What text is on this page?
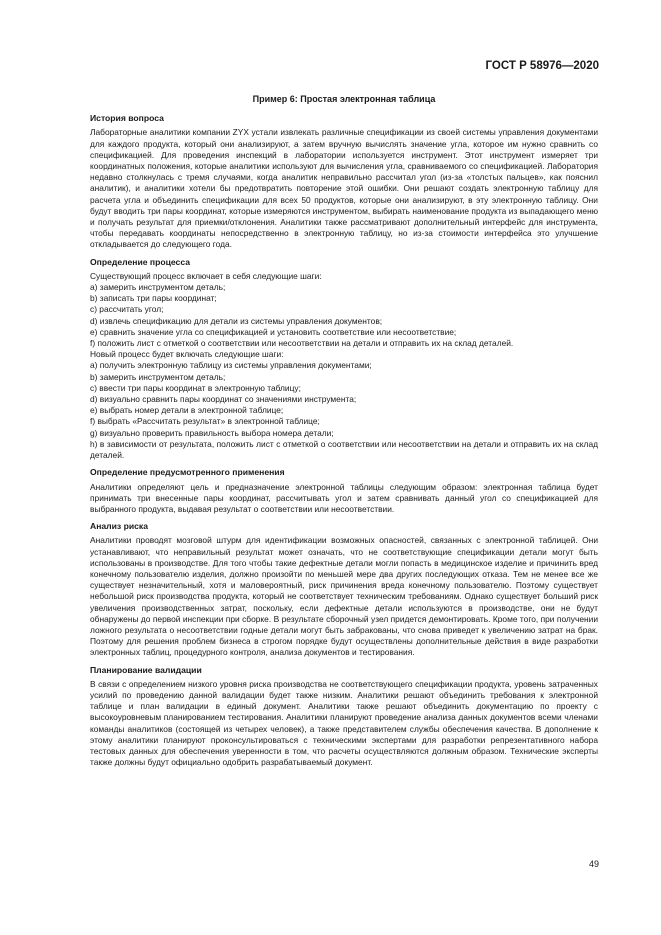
ГОСТ Р 58976—2020
Пример 6: Простая электронная таблица
История вопроса

Лабораторные аналитики компании ZYX устали извлекать различные спецификации из своей системы управления документами для каждого продукта, который они анализируют, а затем вручную вычислять значение угла, которое им нужно сравнить со спецификацией. Для проведения инспекций в лаборатории используется инструмент. Этот инструмент измеряет три координатных положения, которые аналитики используют для вычисления угла, сравниваемого со спецификацией. Лаборатория недавно столкнулась с тремя случаями, когда аналитик неправильно рассчитал угол (из-за «толстых пальцев», как пояснил аналитик), и аналитики хотели бы предотвратить повторение этой ошибки. Они решают создать электронную таблицу для расчета угла и объединить спецификации для всех 50 продуктов, которые они анализируют, в эту электронную таблицу. Они будут вводить три пары координат, которые измеряются инструментом, выбирать наименование продукта из выпадающего меню и получать результат для приемки/отклонения. Аналитики также рассматривают дополнительный интерфейс для инструмента, чтобы передавать координаты непосредственно в электронную таблицу, но из-за стоимости интерфейса это улучшение откладывается до следующего года.

Определение процесса

Существующий процесс включает в себя следующие шаги:

а) замерить инструментом деталь;

b) записать три пары координат;

с) рассчитать угол;

d) извлечь спецификацию для детали из системы управления документов;

e) сравнить значение угла со спецификацией и установить соответствие или несоответствие;

f) положить лист с отметкой о соответствии или несоответствии на детали и отправить их на склад деталей.

Новый процесс будет включать следующие шаги:

а) получить электронную таблицу из системы управления документами;

b) замерить инструментом деталь;

с) ввести три пары координат в электронную таблицу;

d) визуально сравнить пары координат со значениями инструмента;

e) выбрать номер детали в электронной таблице;

f) выбрать «Рассчитать результат» в электронной таблице;

g) визуально проверить правильность выбора номера детали;

h) в зависимости от результата, положить лист с отметкой о соответствии или несоответствии на детали и отправить их на склад деталей.

Определение предусмотренного применения

Аналитики определяют цель и предназначение электронной таблицы следующим образом: электронная таблица будет принимать три внесенные пары координат, рассчитывать угол и затем сравнивать данный угол со спецификацией для выбранного продукта, выдавая результат о соответствии или несоответствии.

Анализ риска

Аналитики проводят мозговой штурм для идентификации возможных опасностей, связанных с электронной таблицей. Они устанавливают, что неправильный результат может означать, что не соответствующие спецификации детали могут быть использованы в производстве. Для того чтобы такие дефектные детали могли попасть в медицинское изделие и причинить вред конечному пользователю изделия, должно произойти по меньшей мере два других последующих отказа. Тем не менее все же существует незначительный, хотя и маловероятный, риск причинения вреда конечному пользователю. Поэтому существует небольшой риск производства продукта, который не соответствует техническим требованиям. Однако существует больший риск увеличения производственных затрат, поскольку, если дефектные детали используются в производстве, они не будут обнаружены до первой инспекции при сборке. В результате сборочный узел придется демонтировать. Кроме того, при получении ложного результата о несоответствии годные детали могут быть забракованы, что снова приведет к увеличению затрат на брак. Поэтому для решения проблем бизнеса в строгом порядке будут осуществлены дополнительные действия в виде разработки электронных таблиц, процедурного контроля, анализа документов и тестирования.

Планирование валидации

В связи с определением низкого уровня риска производства не соответствующего спецификации продукта, уровень затраченных усилий по проведению данной валидации будет также низким. Аналитики решают объединить требования к электронной таблице и план валидации в единый документ. Аналитики также решают объединить документацию по проекту с высокоуровневым планированием тестирования. Аналитики планируют проведение анализа данных документов всеми членами команды аналитиков (состоящей из четырех человек), а также представителем службы обеспечения качества. В дополнение к этому аналитики планируют проконсультироваться с техническими экспертами для разработки репрезентативного набора тестовых данных для обеспечения уверенности в том, что расчеты осуществляются должным образом. Технические эксперты также должны будут официально одобрить разрабатываемый документ.

49
